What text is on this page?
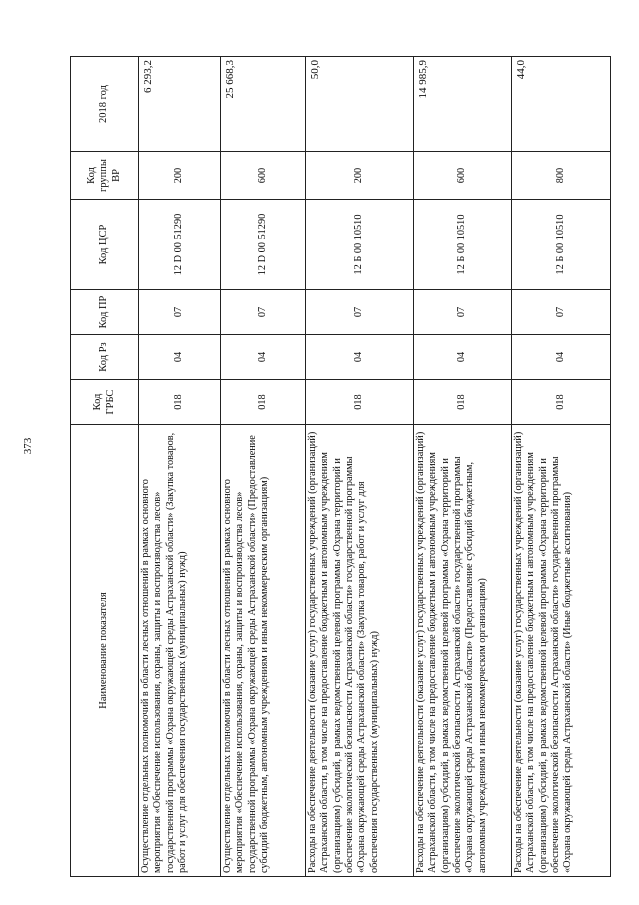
373
Наименование показателя	Код ГРБС	Код Рз	Код ПР	Код ЦСР	Код группы ВР	2018 год
Осуществление отдельных полномочий в области лесных отношений в рамках основного мероприятия «Обеспечение использования, охраны, защиты и воспроизводства лесов» государственной программы «Охрана окружающей среды Астраханской области» (Закупка товаров, работ и услуг для обеспечения государственных (муниципальных) нужд)	018	04	07	12 D 00 51290	200	6 293,2
Осуществление отдельных полномочий в области лесных отношений в рамках основного мероприятия «Обеспечение использования, охраны, защиты и воспроизводства лесов» государственной программы «Охрана окружающей среды Астраханской области» (Предоставление субсидий бюджетным, автономным учреждениям и иным некоммерческим организациям)	018	04	07	12 D 00 51290	600	25 668,3
Расходы на обеспечение деятельности (оказание услуг) государственных учреждений (организаций) Астраханской области, в том числе на предоставление бюджетным и автономным учреждениям (организациям) субсидий, в рамках ведомственной целевой программы «Охрана территорий и обеспечение экологической безопасности Астраханской области» государственной программы «Охрана окружающей среды Астраханской области» (Закупка товаров, работ и услуг для обеспечения государственных (муниципальных) нужд)	018	04	07	12 Б 00 10510	200	50,0
Расходы на обеспечение деятельности (оказание услуг) государственных учреждений (организаций) Астраханской области, в том числе на предоставление бюджетным и автономным учреждениям (организациям) субсидий, в рамках ведомственной целевой программы «Охрана территорий и обеспечение экологической безопасности Астраханской области» государственной программы «Охрана окружающей среды Астраханской области» (Предоставление субсидий бюджетным, автономным учреждениям и иным некоммерческим организациям)	018	04	07	12 Б 00 10510	600	14 985,9
Расходы на обеспечение деятельности (оказание услуг) государственных учреждений (организаций) Астраханской области, в том числе на предоставление бюджетным и автономным учреждениям (организациям) субсидий, в рамках ведомственной целевой программы «Охрана территорий и обеспечение экологической безопасности Астраханской области» государственной программы «Охрана окружающей среды Астраханской области» (Иные бюджетные ассигнования)	018	04	07	12 Б 00 10510	800	44,0
